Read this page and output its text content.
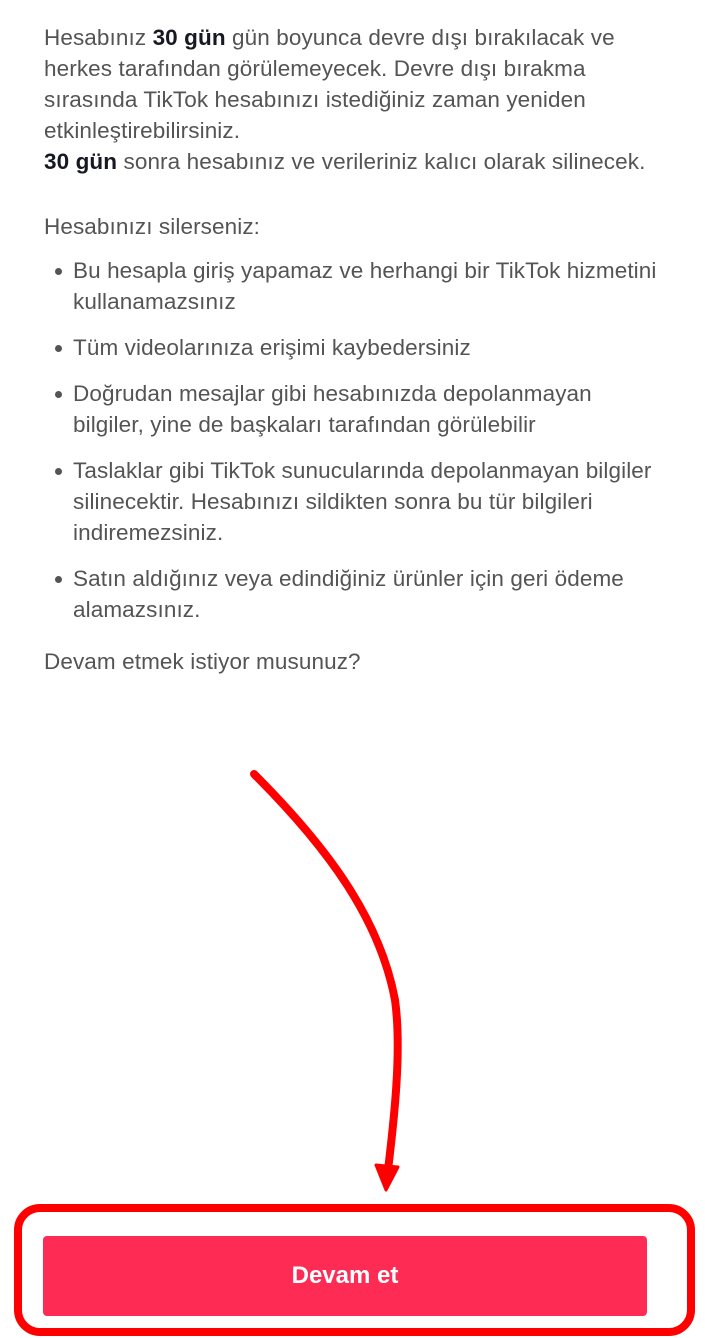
Hesabınız 30 gün gün boyunca devre dışı bırakılacak ve herkes tarafından görülemeyecek. Devre dışı bırakma sırasında TikTok hesabınızı istediğiniz zaman yeniden etkinleştirebilirsiniz.

30 gün sonra hesabınız ve verileriniz kalıcı olarak silinecek.

Hesabınızı silerseniz:

Bu hesapla giriş yapamaz ve herhangi bir TikTok hizmetini kullanamazsınız
Tüm videolarınıza erişimi kaybedersiniz
Doğrudan mesajlar gibi hesabınızda depolanmayan bilgiler, yine de başkaları tarafından görülebilir
Taslaklar gibi TikTok sunucularında depolanmayan bilgiler silinecektir. Hesabınızı sildikten sonra bu tür bilgileri indiremezsiniz.
Satın aldığınız veya edindiğiniz ürünler için geri ödeme alamazsınız.

Devam etmek istiyor musunuz?

Devam et
